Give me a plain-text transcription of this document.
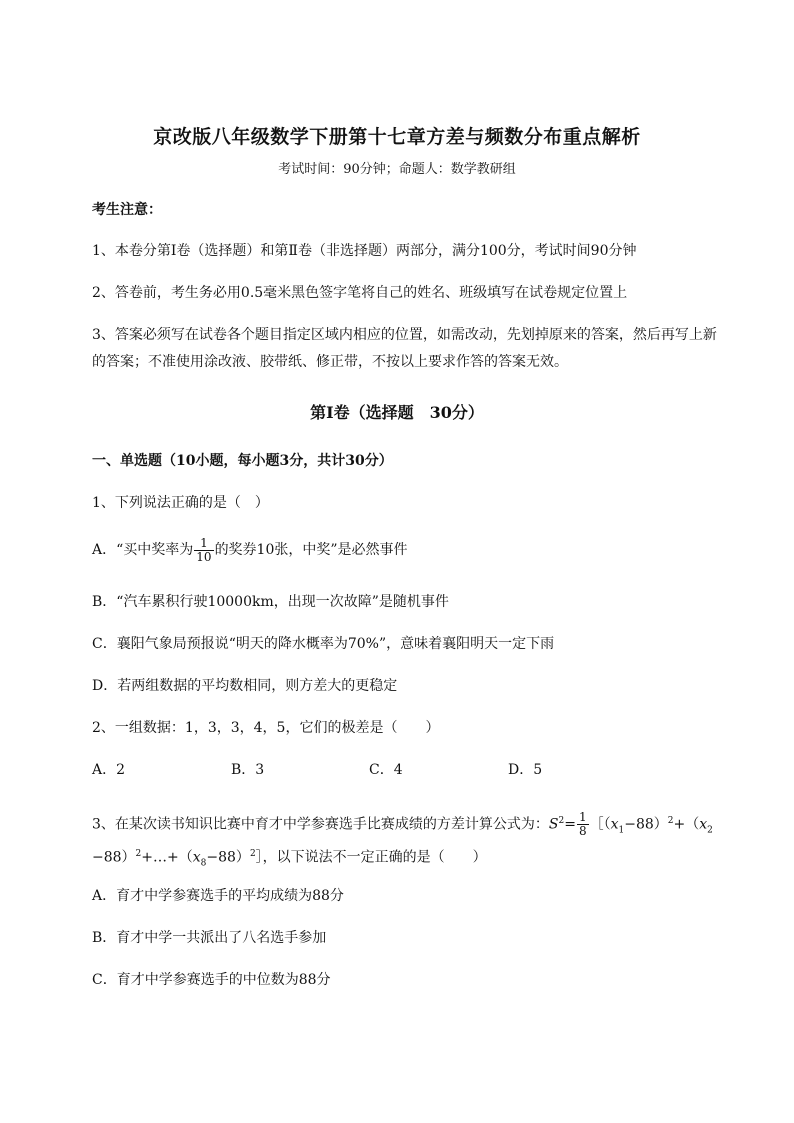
京改版八年级数学下册第十七章方差与频数分布重点解析
考试时间：90分钟；命题人：数学教研组
考生注意：
1、本卷分第I卷（选择题）和第Ⅱ卷（非选择题）两部分，满分100分，考试时间90分钟
2、答卷前，考生务必用0.5毫米黑色签字笔将自己的姓名、班级填写在试卷规定位置上
3、答案必须写在试卷各个题目指定区域内相应的位置，如需改动，先划掉原来的答案，然后再写上新
的答案；不准使用涂改液、胶带纸、修正带，不按以上要求作答的答案无效。
第I卷（选择题　30分）
一、单选题（10小题，每小题3分，共计30分）
1、下列说法正确的是（　）
A．“买中奖率为 $\frac{1}{10}$ 的奖券10张，中奖”是必然事件
B．“汽车累积行驶10000km，出现一次故障”是随机事件
C．襄阳气象局预报说“明天的降水概率为70%”，意味着襄阳明天一定下雨
D．若两组数据的平均数相同，则方差大的更稳定
2、一组数据：1，3，3，4，5，它们的极差是（　　）
A．2	B．3	C．4	D．5
3、在某次读书知识比赛中育才中学参赛选手比赛成绩的方差计算公式为：$S^2= \frac{1}{8}$ $[(x_1-88)^2+(x_2$
$-88)^2+\dots+(x_8-88)^2]$，以下说法不一定正确的是（　　）
A．育才中学参赛选手的平均成绩为88分
B．育才中学一共派出了八名选手参加
C．育才中学参赛选手的中位数为88分
